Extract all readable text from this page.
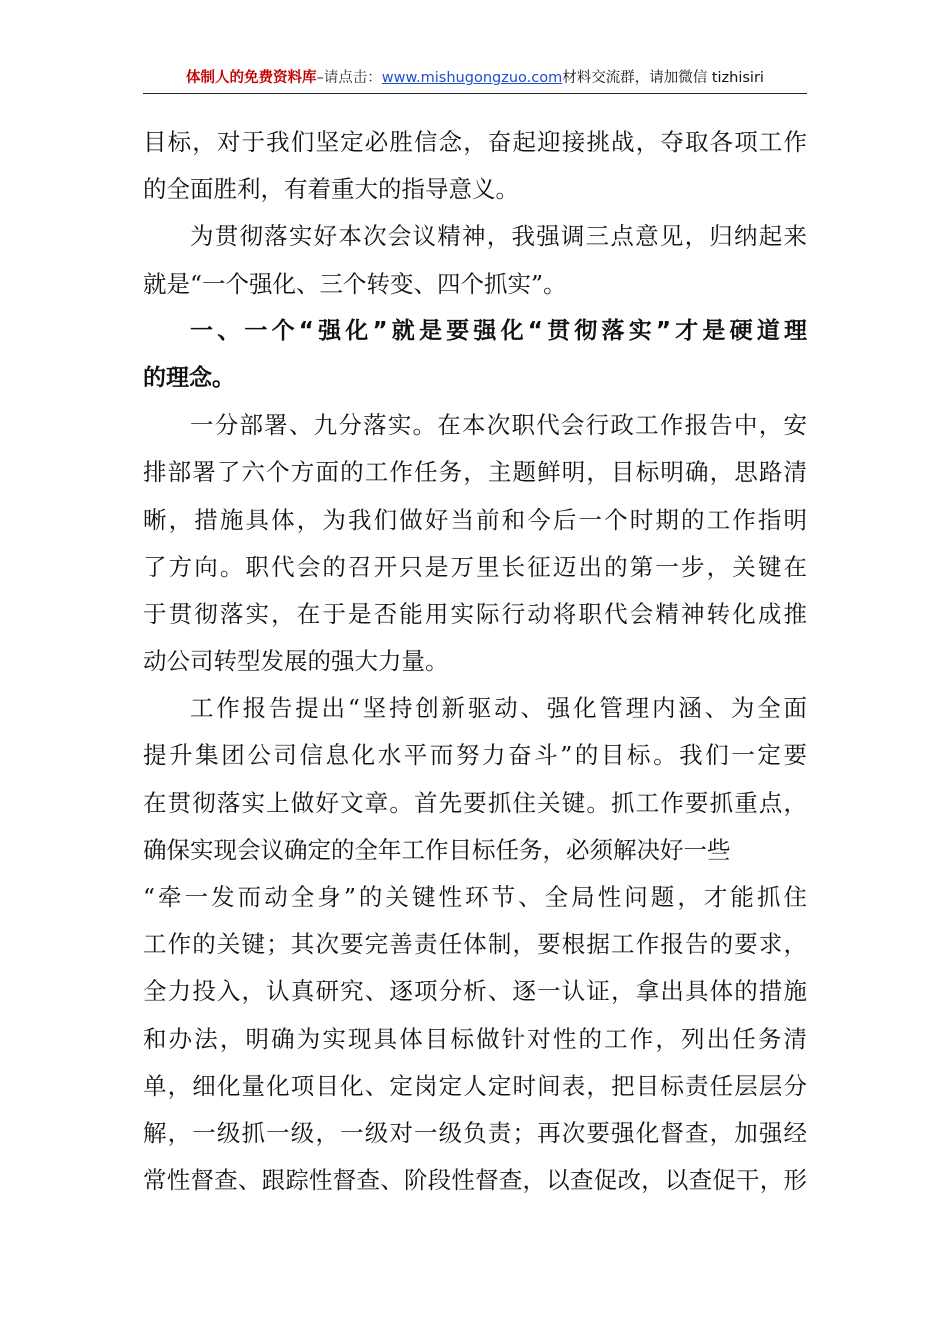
体制人的免费资料库–请点击：www.mishugongzuo.com材料交流群，请加微信 tizhisiri
目标，对于我们坚定必胜信念，奋起迎接挑战，夺取各项工作
的全面胜利，有着重大的指导意义。
为贯彻落实好本次会议精神，我强调三点意见，归纳起来
就是“一个强化、三个转变、四个抓实”。
一、一个“强化”就是要强化“贯彻落实”才是硬道理
的理念。
一分部署、九分落实。在本次职代会行政工作报告中，安
排部署了六个方面的工作任务，主题鲜明，目标明确，思路清
晰，措施具体，为我们做好当前和今后一个时期的工作指明
了方向。职代会的召开只是万里长征迈出的第一步，关键在
于贯彻落实，在于是否能用实际行动将职代会精神转化成推
动公司转型发展的强大力量。
工作报告提出“坚持创新驱动、强化管理内涵、为全面
提升集团公司信息化水平而努力奋斗”的目标。我们一定要
在贯彻落实上做好文章。首先要抓住关键。抓工作要抓重点，
确保实现会议确定的全年工作目标任务，必须解决好一些
“牵一发而动全身”的关键性环节、全局性问题，才能抓住
工作的关键；其次要完善责任体制，要根据工作报告的要求，
全力投入，认真研究、逐项分析、逐一认证，拿出具体的措施
和办法，明确为实现具体目标做针对性的工作，列出任务清
单，细化量化项目化、定岗定人定时间表，把目标责任层层分
解，一级抓一级，一级对一级负责；再次要强化督查，加强经
常性督查、跟踪性督查、阶段性督查，以查促改，以查促干，形
